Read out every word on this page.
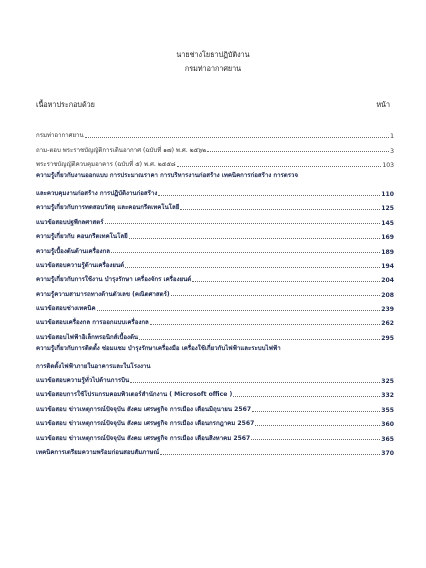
นายช่างโยธาปฏิบัติงาน
กรมท่าอากาศยาน
เนื้อหาประกอบด้วย	หน้า
กรมท่าอากาศยาน	1
ถาม-ตอบ พระราชบัญญัติการเดินอากาศ (ฉบับที่ ๑๗) พ.ศ. ๒๕๖๒	3
พระราชบัญญัติควบคุมอาคาร (ฉบับที่ ๕) พ.ศ. ๒๕๕๘	103
ความรู้เกี่ยวกับงานออกแบบ การประมาณราคา การบริหารงานก่อสร้าง เทคนิคการก่อสร้าง การตรวจ
และควบคุมงานก่อสร้าง การปฏิบัติงานก่อสร้าง	110
ความรู้เกี่ยวกับการทดสอบวัสดุ และคอนกรีตเทคโนโลยี	125
แนวข้อสอบปฐพีกลศาสตร์	145
ความรู้เกี่ยวกับ คอนกรีตเทคโนโลยี	169
ความรู้เบื้องต้นด้านเครื่องกล	189
แนวข้อสอบความรู้ด้านเครื่องยนต์	194
ความรู้เกี่ยวกับการใช้งาน บำรุงรักษา เครื่องจักร เครื่องยนต์	204
ความรู้ความสามารถทางด้านตัวเลข (คณิตศาสตร์)	208
แนวข้อสอบช่างเทคนิค	239
แนวข้อสอบเครื่องกล การออกแบบเครื่องกล	262
แนวข้อสอบไฟฟ้าอิเล็กทรอนิกส์เบื้องต้น	295
ความรู้เกี่ยวกับการติดตั้ง ซ่อมแซม บำรุงรักษาเครื่องมือ เครื่องใช้เกี่ยวกับไฟฟ้าและระบบไฟฟ้า
การติดตั้งไฟฟ้าภายในอาคารและในโรงงาน
แนวข้อสอบความรู้ทั่วไปด้านการบิน	325
แนวข้อสอบการใช้โปรแกรมคอมพิวเตอร์สำนักงาน ( Microsoft office )	332
แนวข้อสอบ ข่าวเหตุการณ์ปัจจุบัน สังคม เศรษฐกิจ การเมือง เดือนมิถุนายน 2567	355
แนวข้อสอบ ข่าวเหตุการณ์ปัจจุบัน สังคม เศรษฐกิจ การเมือง เดือนกรกฎาคม 2567	360
แนวข้อสอบ ข่าวเหตุการณ์ปัจจุบัน สังคม เศรษฐกิจ การเมือง เดือนสิงหาคม 2567	365
เทคนิคการเตรียมความพร้อมก่อนสอบสัมภาษณ์	370
